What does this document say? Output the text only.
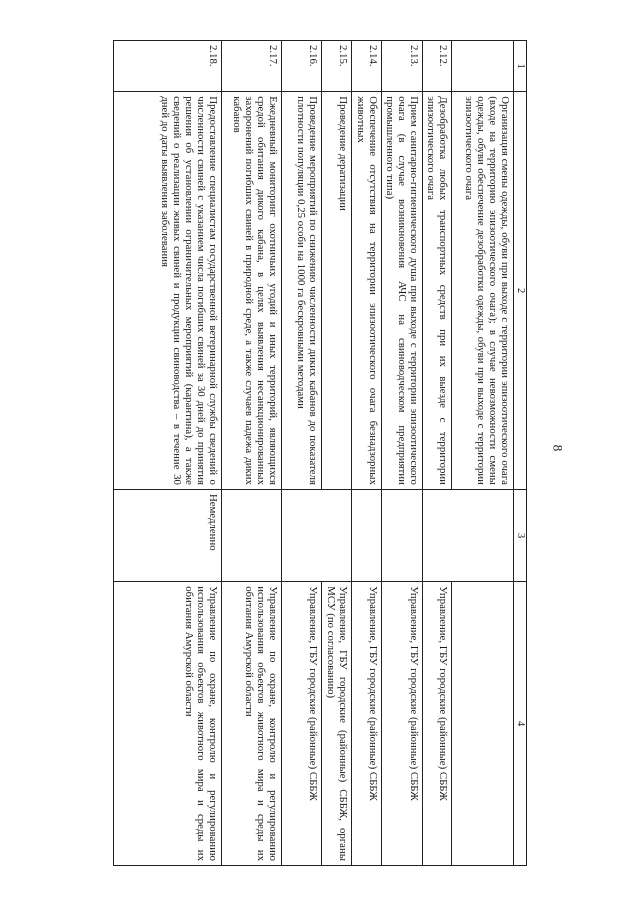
8
1	2	3	4
	Организация смены одежды, обуви при выходе с территории эпизоотического очага (входе на территорию эпизоотического очага); в случае невозможности смены одежды, обуви обеспечение дезобработки одежды, обуви при выходе с территории эпизоотического очага		
2.12.	Дезобработка любых транспортных средств при их выезде с территории эпизоотического очага		Управление, ГБУ городские (районные) СББЖ
2.13.	Прием санитарно-гигиенического душа при выходе с территории эпизоотического очага (в случае возникновения АЧС на свиноводческом предприятии промышленного типа)		Управление, ГБУ городские (районные) СББЖ
2.14.	Обеспечение отсутствия на территории эпизоотического очага безнадзорных животных		Управление, ГБУ городские (районные) СББЖ
2.15.	Проведение дератизации		Управление, ГБУ городские (районные) СББЖ, органы МСУ (по согласованию)
2.16.	Проведение мероприятий по снижению численности диких кабанов до показателя плотности популяции 0,25 особи на 1000 га бескровными методами		Управление, ГБУ городские (районные) СББЖ
2.17.	Ежедневный мониторинг охотничьих угодий и иных территорий, являющихся средой обитания дикого кабана, в целях выявления несанкционированных захоронений погибших свиней в природной среде, а также случаев падежа диких кабанов		Управление по охране, контролю и регулированию использования объектов животного мира и среды их обитания Амурской области
2.18.	Предоставление специалистам государственной ветеринарной службы сведений о численности свиней с указанием числа погибших свиней за 30 дней до принятия решения об установлении ограничительных мероприятий (карантина), а также сведений о реализации живых свиней и продукции свиноводства – в течение 30 дней до даты выявления заболевания	Немедленно	Управление по охране, контролю и регулированию использования объектов животного мира и среды их обитания Амурской области
